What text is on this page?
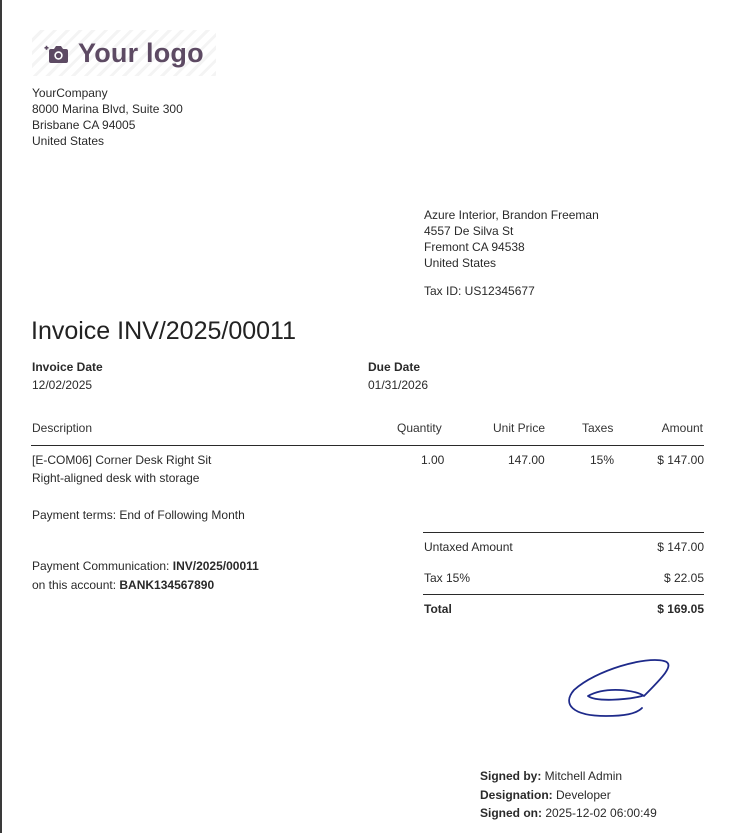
Your logo
YourCompany
8000 Marina Blvd, Suite 300
Brisbane CA 94005
United States
Azure Interior, Brandon Freeman
4557 De Silva St
Fremont CA 94538
United States
Tax ID: US12345677
Invoice INV/2025/00011
Invoice Date
12/02/2025
Due Date
01/31/2026
Description	Quantity	Unit Price	Taxes	Amount
[E-COM06] Corner Desk Right Sit
Right-aligned desk with storage
1.00	147.00	15%	$ 147.00
Payment terms: End of Following Month
Payment Communication: INV/2025/00011
on this account: BANK134567890
Untaxed Amount	$ 147.00
Tax 15%	$ 22.05
Total	$ 169.05
Signed by: Mitchell Admin
Designation: Developer
Signed on: 2025-12-02 06:00:49
